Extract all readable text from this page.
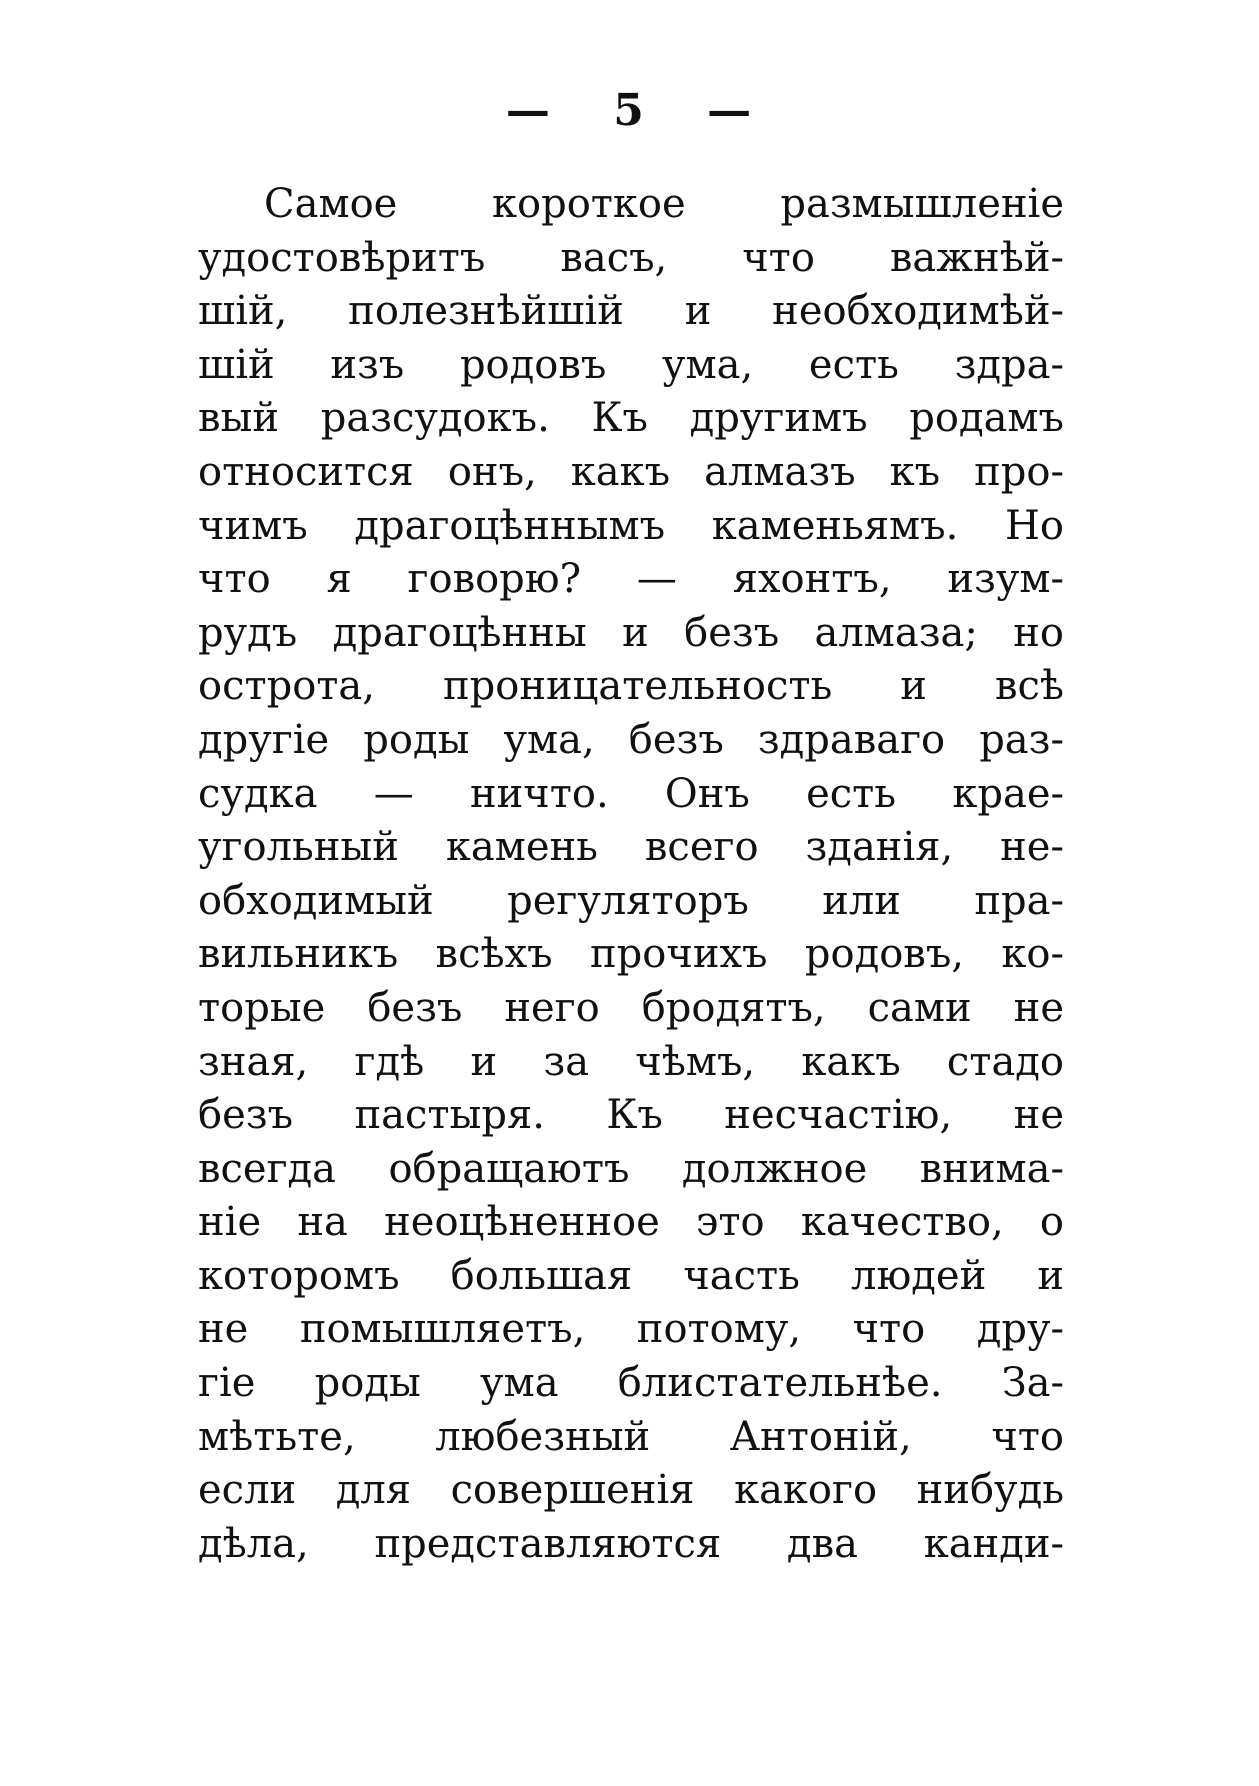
— 5 —
Самое короткое размышленіе
удостовѣритъ васъ, что важнѣй-
шій, полезнѣйшій и необходимѣй-
шій изъ родовъ ума, есть здра-
вый разсудокъ. Къ другимъ родамъ
относится онъ, какъ алмазъ къ про-
чимъ драгоцѣннымъ каменьямъ. Но
что я говорю? — яхонтъ, изум-
рудъ драгоцѣнны и безъ алмаза; но
острота, проницательность и всѣ
другіе роды ума, безъ здраваго раз-
судка — ничто. Онъ есть крае-
угольный камень всего зданія, не-
обходимый регуляторъ или пра-
вильникъ всѣхъ прочихъ родовъ, ко-
торые безъ него бродятъ, сами не
зная, гдѣ и за чѣмъ, какъ стадо
безъ пастыря. Къ несчастію, не
всегда обращаютъ должное внима-
ніе на неоцѣненное это качество, о
которомъ большая часть людей и
не помышляетъ, потому, что дру-
гіе роды ума блистательнѣе. За-
мѣтьте, любезный Антоній, что
если для совершенія какого нибудь
дѣла, представляются два канди-
